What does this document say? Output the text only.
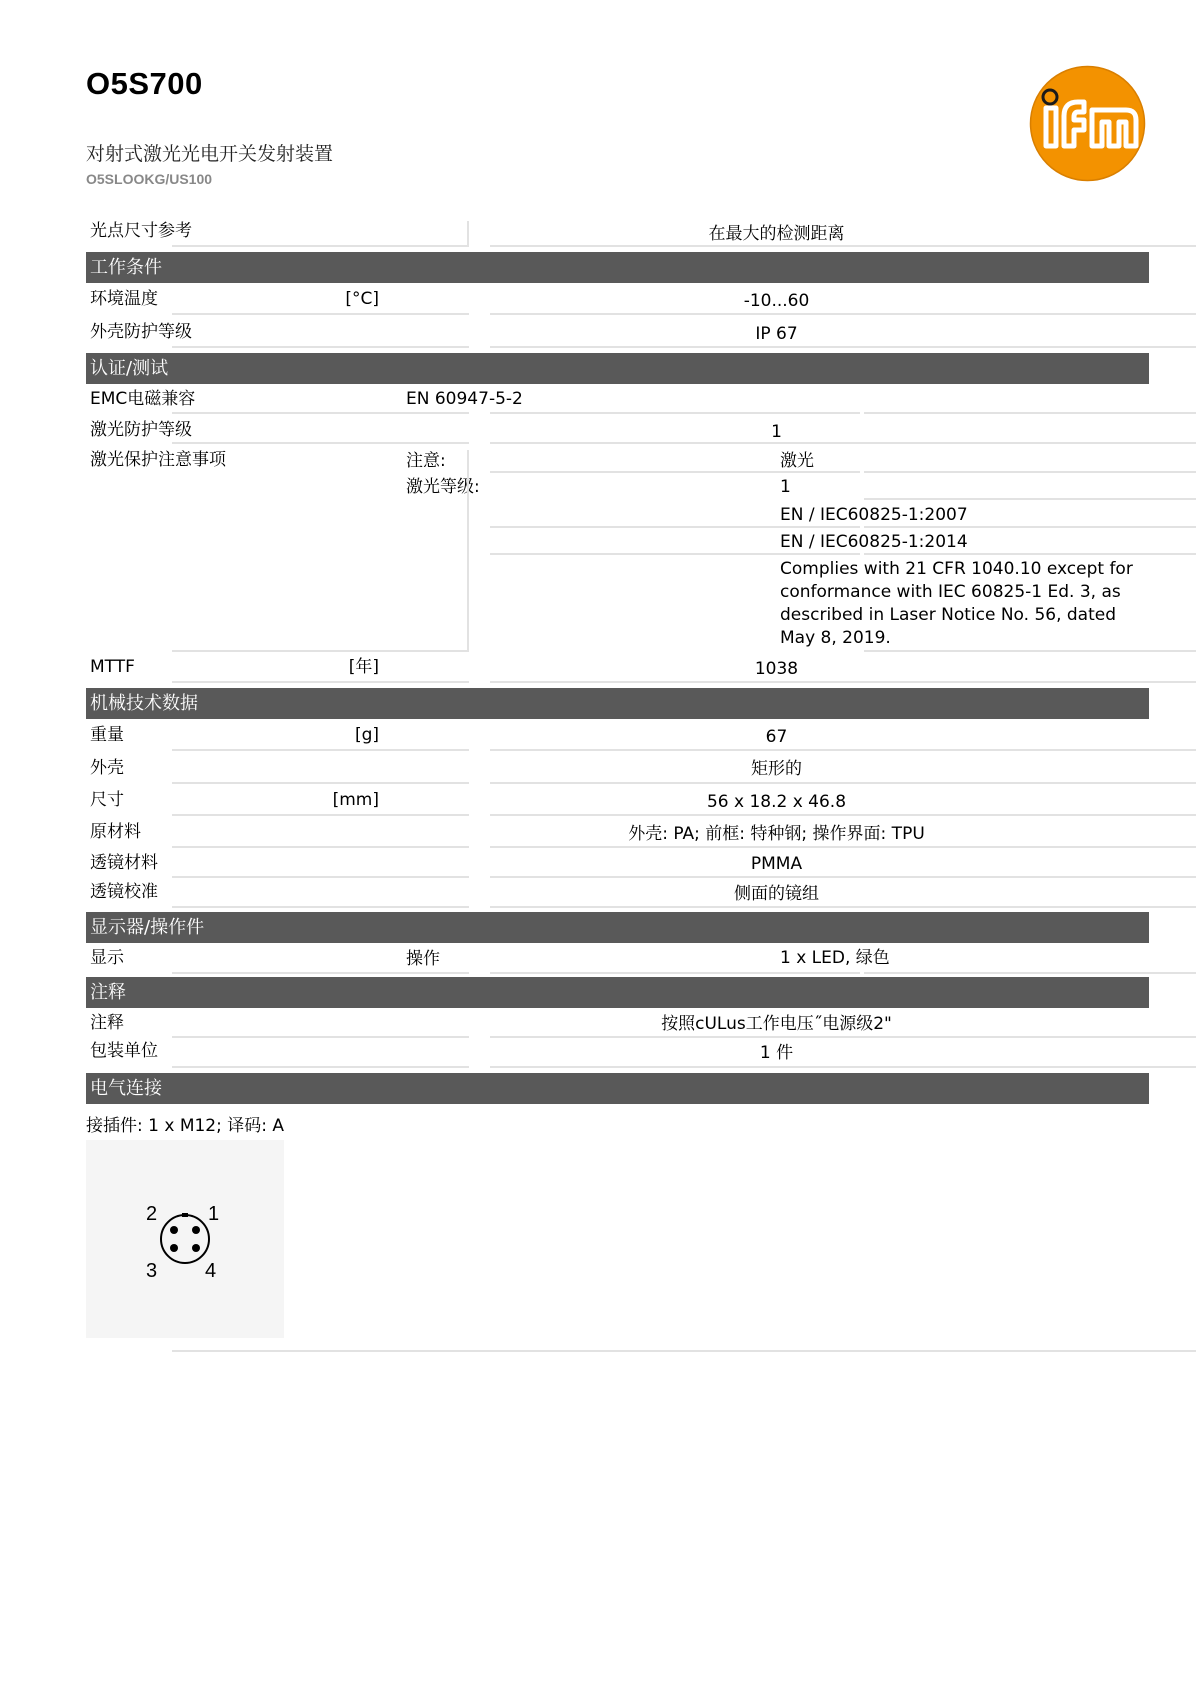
O5S700
对射式激光光电开关发射装置
O5SLOOKG/US100
光点尺寸参考	在最大的检测距离
工作条件
环境温度	[°C]	-10...60
外壳防护等级	IP 67
认证/测试
EMC电磁兼容	EN 60947-5-2
激光防护等级	1
激光保护注意事项	注意:	激光
激光等级:	1
EN / IEC60825-1:2007
EN / IEC60825-1:2014
Complies with 21 CFR 1040.10 except for conformance with IEC 60825-1 Ed. 3, as described in Laser Notice No. 56, dated May 8, 2019.
MTTF	[年]	1038
机械技术数据
重量	[g]	67
外壳	矩形的
尺寸	[mm]	56 x 18.2 x 46.8
原材料	外壳: PA; 前框: 特种钢; 操作界面: TPU
透镜材料	PMMA
透镜校准	侧面的镜组
显示器/操作件
显示	操作	1 x LED, 绿色
注释
注释	按照cULus工作电压˝电源级2"
包装单位	1 件
电气连接
接插件: 1 x M12; 译码: A
1
2
3 4
